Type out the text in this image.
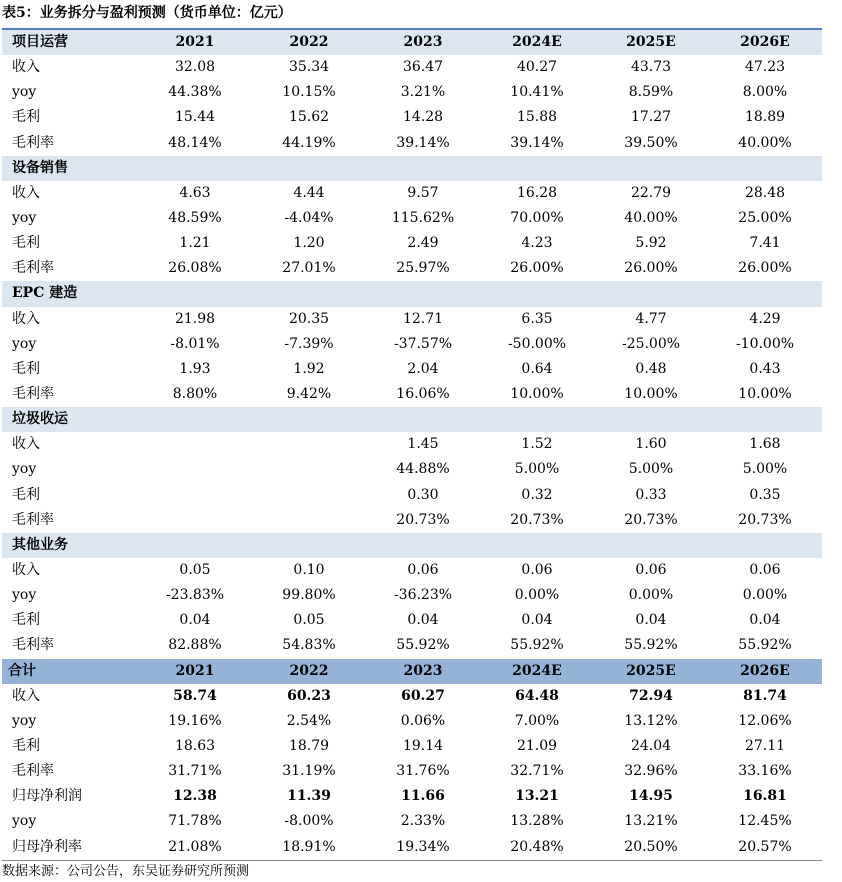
表5：业务拆分与盈利预测（货币单位：亿元）
项目运营	2021	2022	2023	2024E	2025E	2026E
收入	32.08	35.34	36.47	40.27	43.73	47.23
yoy	44.38%	10.15%	3.21%	10.41%	8.59%	8.00%
毛利	15.44	15.62	14.28	15.88	17.27	18.89
毛利率	48.14%	44.19%	39.14%	39.14%	39.50%	40.00%
设备销售						
收入	4.63	4.44	9.57	16.28	22.79	28.48
yoy	48.59%	-4.04%	115.62%	70.00%	40.00%	25.00%
毛利	1.21	1.20	2.49	4.23	5.92	7.41
毛利率	26.08%	27.01%	25.97%	26.00%	26.00%	26.00%
EPC 建造						
收入	21.98	20.35	12.71	6.35	4.77	4.29
yoy	-8.01%	-7.39%	-37.57%	-50.00%	-25.00%	-10.00%
毛利	1.93	1.92	2.04	0.64	0.48	0.43
毛利率	8.80%	9.42%	16.06%	10.00%	10.00%	10.00%
垃圾收运						
收入			1.45	1.52	1.60	1.68
yoy			44.88%	5.00%	5.00%	5.00%
毛利			0.30	0.32	0.33	0.35
毛利率			20.73%	20.73%	20.73%	20.73%
其他业务						
收入	0.05	0.10	0.06	0.06	0.06	0.06
yoy	-23.83%	99.80%	-36.23%	0.00%	0.00%	0.00%
毛利	0.04	0.05	0.04	0.04	0.04	0.04
毛利率	82.88%	54.83%	55.92%	55.92%	55.92%	55.92%
合计	2021	2022	2023	2024E	2025E	2026E
收入	58.74	60.23	60.27	64.48	72.94	81.74
yoy	19.16%	2.54%	0.06%	7.00%	13.12%	12.06%
毛利	18.63	18.79	19.14	21.09	24.04	27.11
毛利率	31.71%	31.19%	31.76%	32.71%	32.96%	33.16%
归母净利润	12.38	11.39	11.66	13.21	14.95	16.81
yoy	71.78%	-8.00%	2.33%	13.28%	13.21%	12.45%
归母净利率	21.08%	18.91%	19.34%	20.48%	20.50%	20.57%
数据来源：公司公告，东吴证券研究所预测
